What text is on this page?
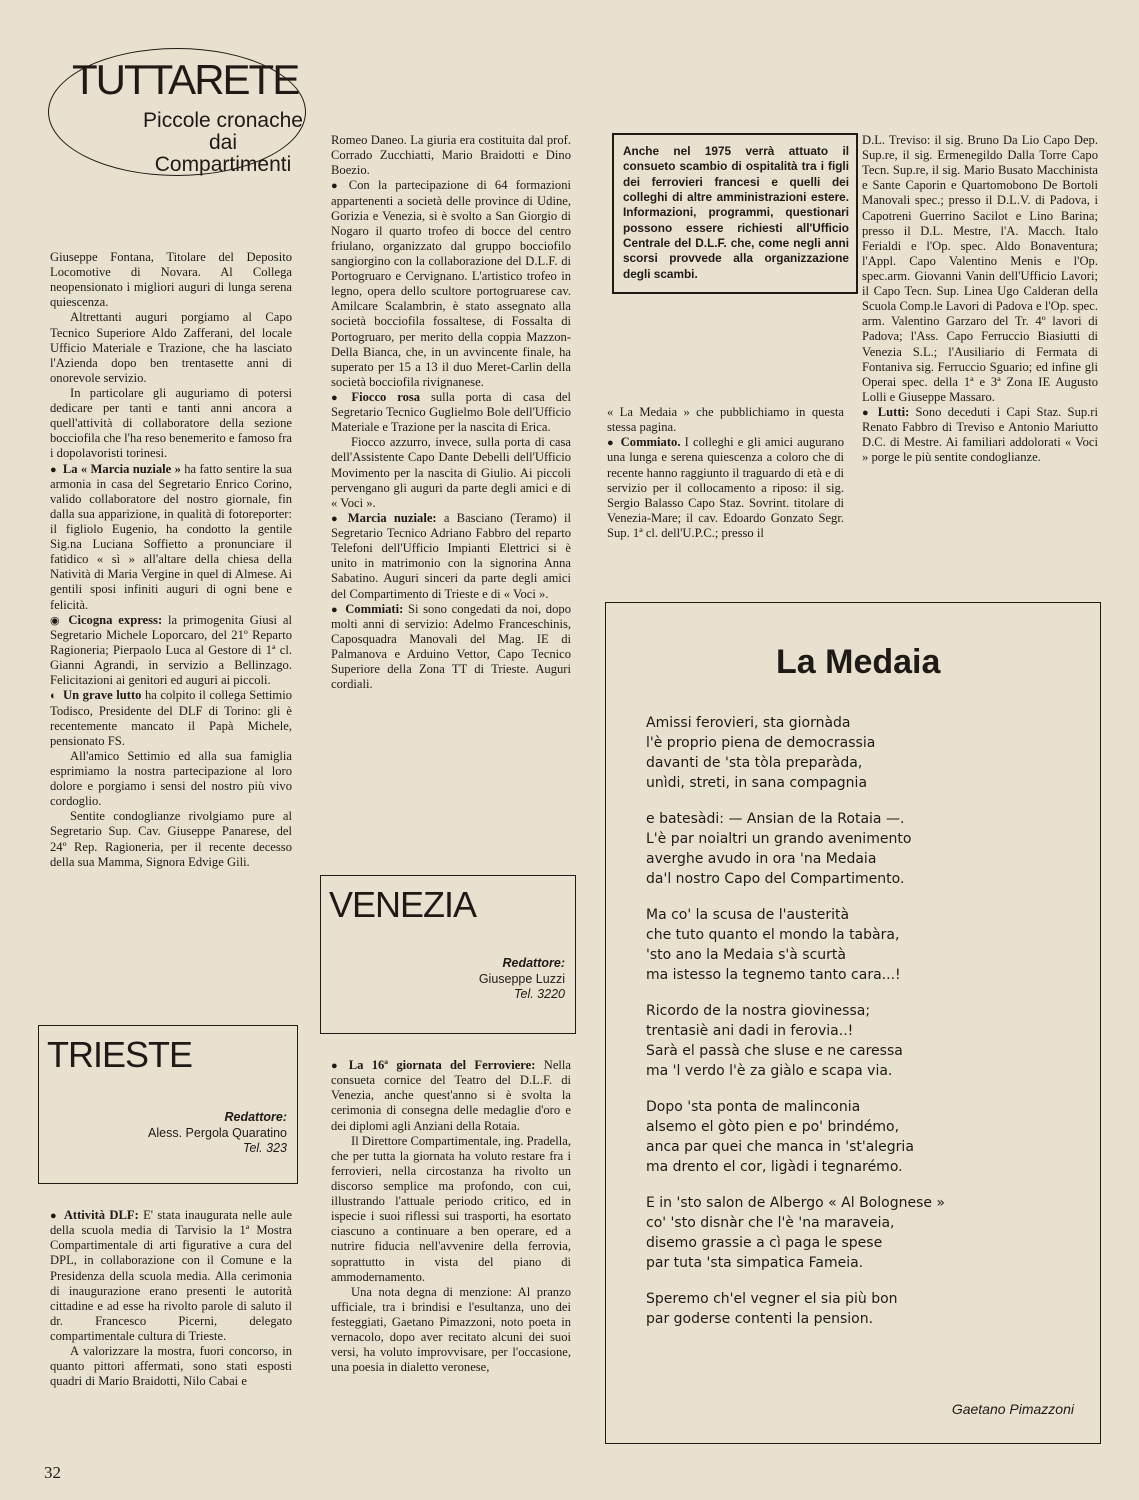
TUTTARETE
Piccole cronache
dai Compartimenti

Giuseppe Fontana, Titolare del Deposito Locomotive di Novara. Al Collega neopensionato i migliori auguri di lunga serena quiescenza.

Altrettanti auguri porgiamo al Capo Tecnico Superiore Aldo Zafferani, del locale Ufficio Materiale e Trazione, che ha lasciato l'Azienda dopo ben trentasette anni di onorevole servizio.

In particolare gli auguriamo di potersi dedicare per tanti e tanti anni ancora a quell'attività di collaboratore della sezione bocciofila che l'ha reso benemerito e famoso fra i dopolavoristi torinesi.

● La « Marcia nuziale » ha fatto sentire la sua armonia in casa del Segretario Enrico Corino, valido collaboratore del nostro giornale, fin dalla sua apparizione, in qualità di fotoreporter: il figliolo Eugenio, ha condotto la gentile Sig.na Luciana Soffietto a pronunciare il fatidico « sì » all'altare della chiesa della Natività di Maria Vergine in quel di Almese. Ai gentili sposi infiniti auguri di ogni bene e felicità.

◉ Cicogna express: la primogenita Giusi al Segretario Michele Loporcaro, del 21º Reparto Ragioneria; Pierpaolo Luca al Gestore di 1ª cl. Gianni Agrandi, in servizio a Bellinzago. Felicitazioni ai genitori ed auguri ai piccoli.

◐ Un grave lutto ha colpito il collega Settimio Todisco, Presidente del DLF di Torino: gli è recentemente mancato il Papà Michele, pensionato FS.

All'amico Settimio ed alla sua famiglia esprimiamo la nostra partecipazione al loro dolore e porgiamo i sensi del nostro più vivo cordoglio.

Sentite condoglianze rivolgiamo pure al Segretario Sup. Cav. Giuseppe Panarese, del 24º Rep. Ragioneria, per il recente decesso della sua Mamma, Signora Edvige Gili.

TRIESTE
Redattore:
Aless. Pergola Quaratino
Tel. 323

● Attività DLF: E' stata inaugurata nelle aule della scuola media di Tarvisio la 1ª Mostra Compartimentale di arti figurative a cura del DPL, in collaborazione con il Comune e la Presidenza della scuola media. Alla cerimonia di inaugurazione erano presenti le autorità cittadine e ad esse ha rivolto parole di saluto il dr. Francesco Picerni, delegato compartimentale cultura di Trieste.

A valorizzare la mostra, fuori concorso, in quanto pittori affermati, sono stati esposti quadri di Mario Braidotti, Nilo Cabai e

Romeo Daneo. La giuria era costituita dal prof. Corrado Zucchiatti, Mario Braidotti e Dino Boezio.

● Con la partecipazione di 64 formazioni appartenenti a società delle province di Udine, Gorizia e Venezia, si è svolto a San Giorgio di Nogaro il quarto trofeo di bocce del centro friulano, organizzato dal gruppo bocciofilo sangiorgino con la collaborazione del D.L.F. di Portogruaro e Cervignano. L'artistico trofeo in legno, opera dello scultore portogruarese cav. Amilcare Scalambrin, è stato assegnato alla società bocciofila fossaltese, di Fossalta di Portogruaro, per merito della coppia Mazzon-Della Bianca, che, in un avvincente finale, ha superato per 15 a 13 il duo Meret-Carlin della società bocciofila rivignanese.

● Fiocco rosa sulla porta di casa del Segretario Tecnico Guglielmo Bole dell'Ufficio Materiale e Trazione per la nascita di Erica.

Fiocco azzurro, invece, sulla porta di casa dell'Assistente Capo Dante Debelli dell'Ufficio Movimento per la nascita di Giulio. Ai piccoli pervengano gli auguri da parte degli amici e di « Voci ».

● Marcia nuziale: a Basciano (Teramo) il Segretario Tecnico Adriano Fabbro del reparto Telefoni dell'Ufficio Impianti Elettrici si è unito in matrimonio con la signorina Anna Sabatino. Auguri sinceri da parte degli amici del Compartimento di Trieste e di « Voci ».

● Commiati: Si sono congedati da noi, dopo molti anni di servizio: Adelmo Franceschinis, Caposquadra Manovali del Mag. IE di Palmanova e Arduino Vettor, Capo Tecnico Superiore della Zona TT di Trieste. Auguri cordiali.

VENEZIA
Redattore:
Giuseppe Luzzi
Tel. 3220

● La 16ª giornata del Ferroviere: Nella consueta cornice del Teatro del D.L.F. di Venezia, anche quest'anno si è svolta la cerimonia di consegna delle medaglie d'oro e dei diplomi agli Anziani della Rotaia.

Il Direttore Compartimentale, ing. Pradella, che per tutta la giornata ha voluto restare fra i ferrovieri, nella circostanza ha rivolto un discorso semplice ma profondo, con cui, illustrando l'attuale periodo critico, ed in ispecie i suoi riflessi sui trasporti, ha esortato ciascuno a continuare a ben operare, ed a nutrire fiducia nell'avvenire della ferrovia, soprattutto in vista del piano di ammodernamento.

Una nota degna di menzione: Al pranzo ufficiale, tra i brindisi e l'esultanza, uno dei festeggiati, Gaetano Pimazzoni, noto poeta in vernacolo, dopo aver recitato alcuni dei suoi versi, ha voluto improvvisare, per l'occasione, una poesia in dialetto veronese,

Anche nel 1975 verrà attuato il consueto scambio di ospitalità tra i figli dei ferrovieri francesi e quelli dei colleghi di altre amministrazioni estere. Informazioni, programmi, questionari possono essere richiesti all'Ufficio Centrale del D.L.F. che, come negli anni scorsi provvede alla organizzazione degli scambi.

« La Medaia » che pubblichiamo in questa stessa pagina.

● Commiato. I colleghi e gli amici augurano una lunga e serena quiescenza a coloro che di recente hanno raggiunto il traguardo di età e di servizio per il collocamento a riposo: il sig. Sergio Balasso Capo Staz. Sovrint. titolare di Venezia-Mare; il cav. Edoardo Gonzato Segr. Sup. 1ª cl. dell'U.P.C.; presso il

D.L. Treviso: il sig. Bruno Da Lio Capo Dep. Sup.re, il sig. Ermenegildo Dalla Torre Capo Tecn. Sup.re, il sig. Mario Busato Macchinista e Sante Caporin e Quartomobono De Bortoli Manovali spec.; presso il D.L.V. di Padova, i Capotreni Guerrino Sacilot e Lino Barina; presso il D.L. Mestre, l'A. Macch. Italo Ferialdi e l'Op. spec. Aldo Bonaventura; l'Appl. Capo Valentino Menis e l'Op. spec.arm. Giovanni Vanin dell'Ufficio Lavori; il Capo Tecn. Sup. Linea Ugo Calderan della Scuola Comp.le Lavori di Padova e l'Op. spec. arm. Valentino Garzaro del Tr. 4º lavori di Padova; l'Ass. Capo Ferruccio Biasiutti di Venezia S.L.; l'Ausiliario di Fermata di Fontaniva sig. Ferruccio Sguario; ed infine gli Operai spec. della 1ª e 3ª Zona IE Augusto Lolli e Giuseppe Massaro.

● Lutti: Sono deceduti i Capi Staz. Sup.ri Renato Fabbro di Treviso e Antonio Mariutto D.C. di Mestre. Ai familiari addolorati « Voci » porge le più sentite condoglianze.

La Medaia
Amissi ferovieri, sta giornàda
l'è proprio piena de democrassia
davanti de 'sta tòla preparàda,
unìdi, streti, in sana compagnia
e batesàdi: — Ansian de la Rotaia —.
L'è par noialtri un grando avenimento
averghe avudo in ora 'na Medaia
da'l nostro Capo del Compartimento.
Ma co' la scusa de l'austerità
che tuto quanto el mondo la tabàra,
'sto ano la Medaia s'à scurtà
ma istesso la tegnemo tanto cara...!
Ricordo de la nostra giovinessa;
trentasiè ani dadi in ferovia..!
Sarà el passà che sluse e ne caressa
ma 'l verdo l'è za giàlo e scapa via.
Dopo 'sta ponta de malinconia
alsemo el gòto pien e po' brindémo,
anca par quei che manca in 'st'alegria
ma drento el cor, ligàdi i tegnarémo.
E in 'sto salon de Albergo « Al Bolognese »
co' 'sto disnàr che l'è 'na maraveia,
disemo grassie a cì paga le spese
par tuta 'sta simpatica Fameia.
Speremo ch'el vegner el sia più bon
par goderse contenti la pension.
Gaetano Pimazzoni
32
